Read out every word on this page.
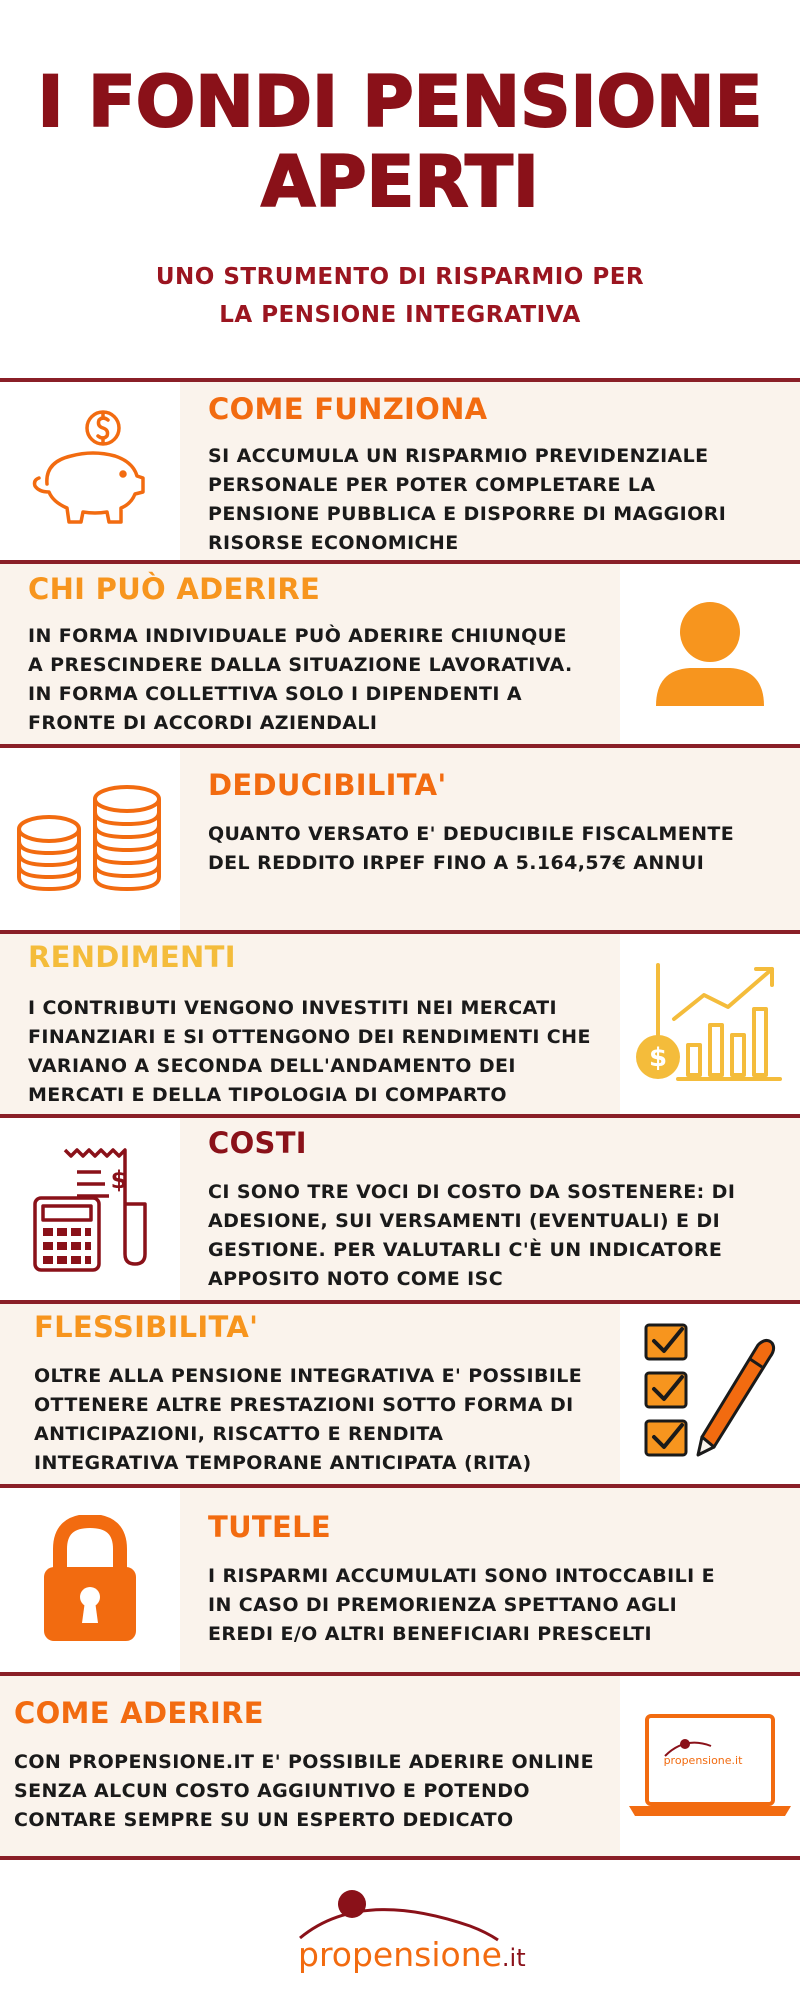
I FONDI PENSIONE
APERTI
UNO STRUMENTO DI RISPARMIO PER
LA PENSIONE INTEGRATIVA
COME FUNZIONA
SI ACCUMULA UN RISPARMIO PREVIDENZIALE
PERSONALE PER POTER COMPLETARE LA
PENSIONE PUBBLICA E DISPORRE DI MAGGIORI
RISORSE ECONOMICHE
CHI PUÒ ADERIRE
IN FORMA INDIVIDUALE PUÒ ADERIRE CHIUNQUE
A PRESCINDERE DALLA SITUAZIONE LAVORATIVA.
IN FORMA COLLETTIVA SOLO I DIPENDENTI A
FRONTE DI ACCORDI AZIENDALI
DEDUCIBILITA'
QUANTO VERSATO E' DEDUCIBILE FISCALMENTE
DEL REDDITO IRPEF FINO A 5.164,57€ ANNUI
$
RENDIMENTI
I CONTRIBUTI VENGONO INVESTITI NEI MERCATI
FINANZIARI E SI OTTENGONO DEI RENDIMENTI CHE
VARIANO A SECONDA DELL'ANDAMENTO DEI
MERCATI E DELLA TIPOLOGIA DI COMPARTO
$
COSTI
CI SONO TRE VOCI DI COSTO DA SOSTENERE: DI
ADESIONE, SUI VERSAMENTI (EVENTUALI) E DI
GESTIONE. PER VALUTARLI C'È UN INDICATORE
APPOSITO NOTO COME ISC
FLESSIBILITA'
OLTRE ALLA PENSIONE INTEGRATIVA E' POSSIBILE
OTTENERE ALTRE PRESTAZIONI SOTTO FORMA DI
ANTICIPAZIONI, RISCATTO E RENDITA
INTEGRATIVA TEMPORANE ANTICIPATA (RITA)
TUTELE
I RISPARMI ACCUMULATI SONO INTOCCABILI E
IN CASO DI PREMORIENZA SPETTANO AGLI
EREDI E/O ALTRI BENEFICIARI PRESCELTI
propensione.it
COME ADERIRE
CON PROPENSIONE.IT E' POSSIBILE ADERIRE ONLINE
SENZA ALCUN COSTO AGGIUNTIVO E POTENDO
CONTARE SEMPRE SU UN ESPERTO DEDICATO
propensione.it
